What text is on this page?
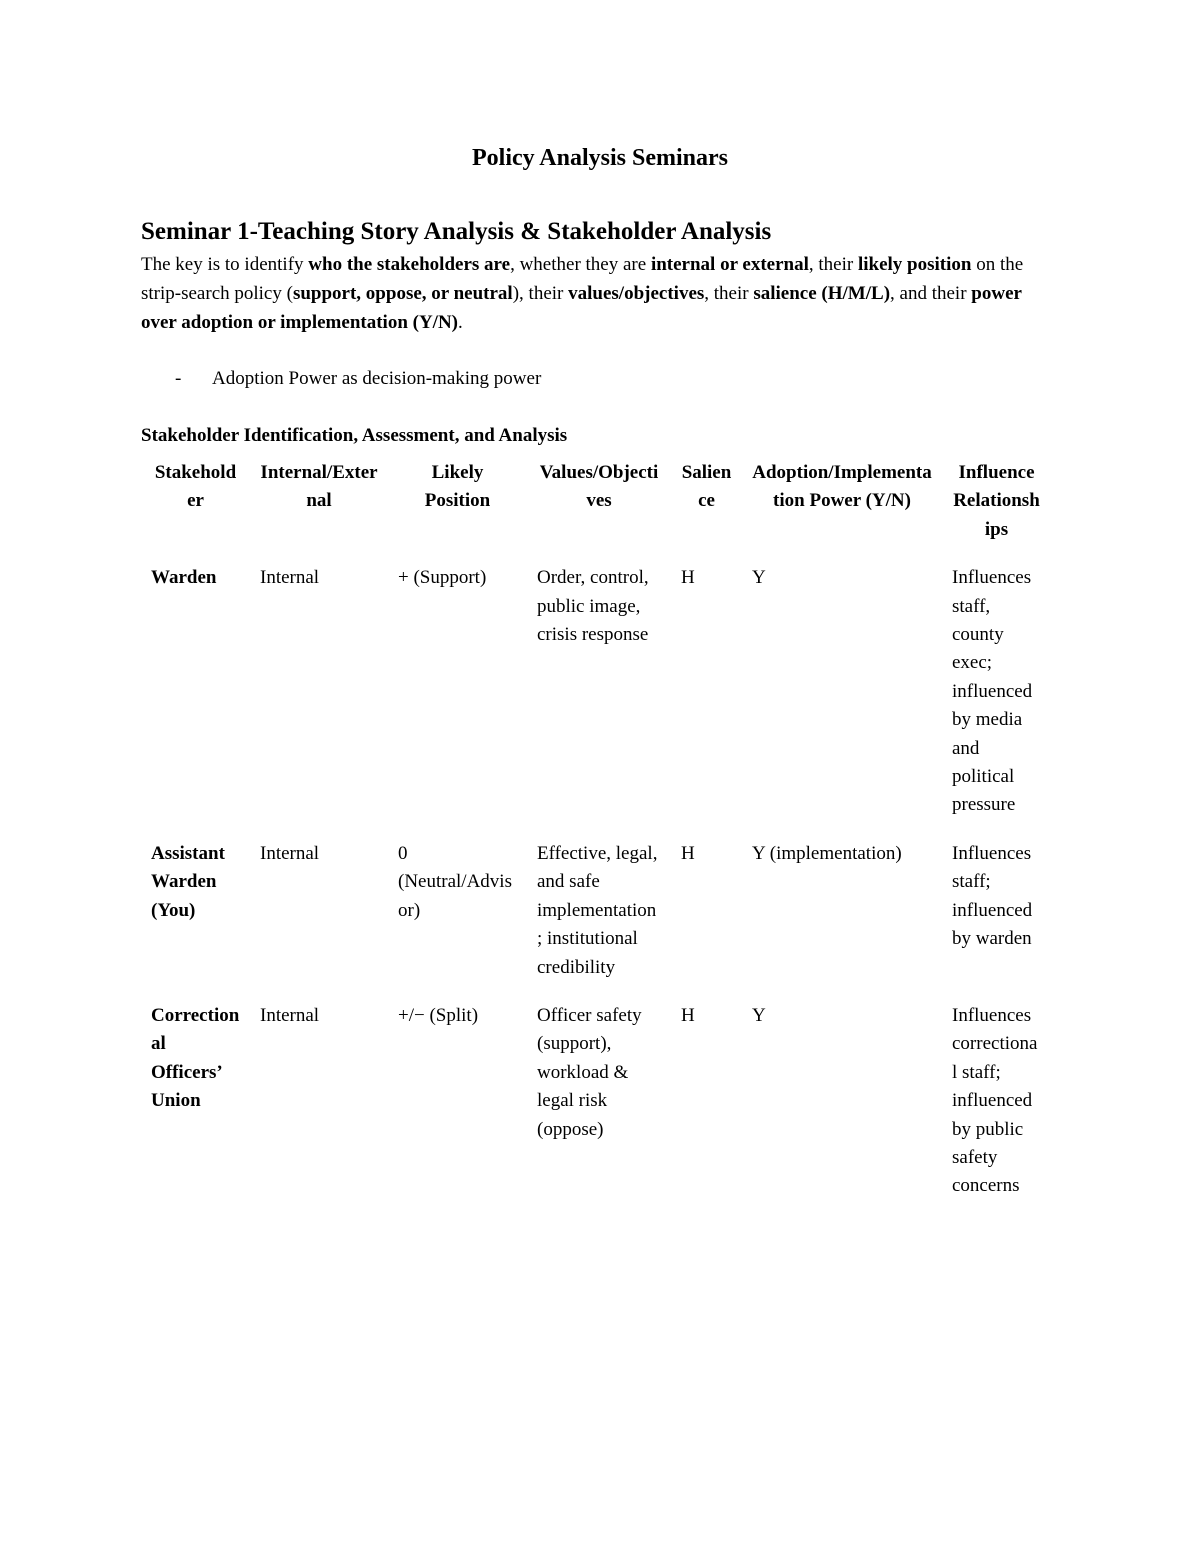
Policy Analysis Seminars
Seminar 1-Teaching Story Analysis & Stakeholder Analysis
The key is to identify who the stakeholders are, whether they are internal or external, their likely position on the strip-search policy (support, oppose, or neutral), their values/objectives, their salience (H/M/L), and their power over adoption or implementation (Y/N).
- Adoption Power as decision-making power
Stakeholder Identification, Assessment, and Analysis
Stakeholder	Internal/External	Likely Position	Values/Objectives	Salience	Adoption/Implementation Power (Y/N)	Influence Relationships
Warden	Internal	+ (Support)	Order, control, public image, crisis response	H	Y	Influences staff, county exec; influenced by media and political pressure
Assistant Warden (You)	Internal	0 (Neutral/Advisor)	Effective, legal, and safe implementation; institutional credibility	H	Y (implementation)	Influences staff; influenced by warden
Correctional Officers’ Union	Internal	+/− (Split)	Officer safety (support), workload & legal risk (oppose)	H	Y	Influences correctional staff; influenced by public safety concerns
